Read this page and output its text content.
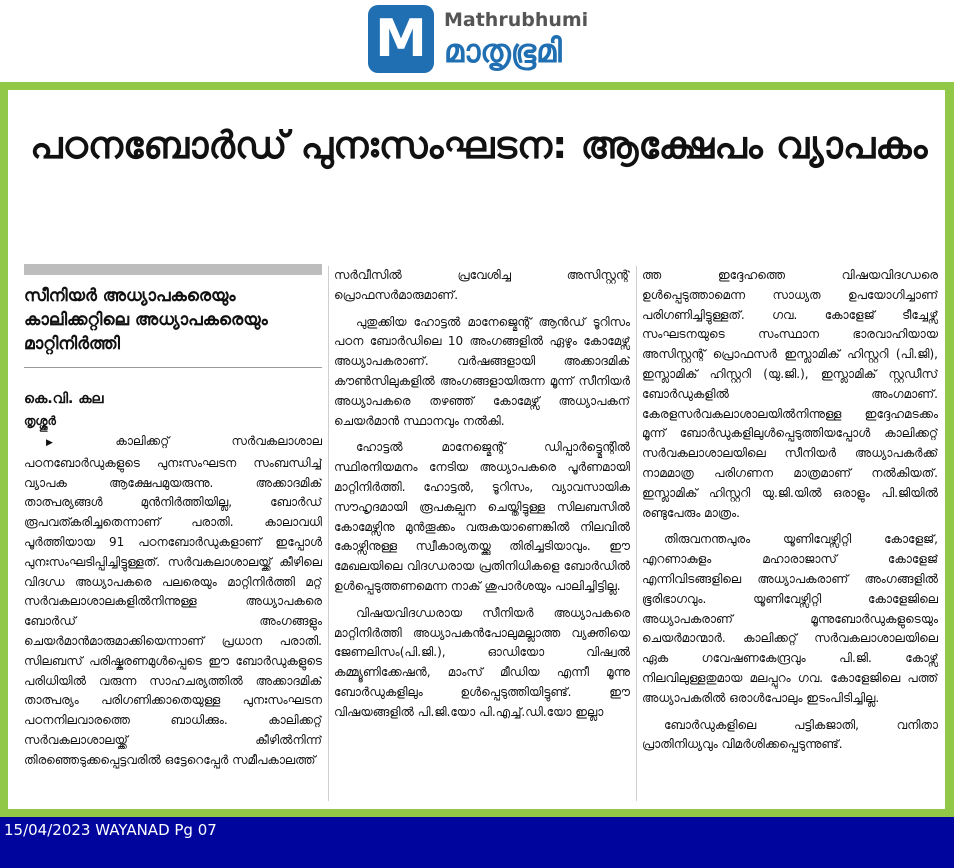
M Mathrubhumi
മാതൃഭൂമി
പഠനബോർഡ് പുനഃസംഘടന: ആക്ഷേപം വ്യാപകം
സീനിയർ അധ്യാപകരെയും കാലിക്കറ്റിലെ അധ്യാപകരെയും മാറ്റിനിർത്തി
കെ.വി. കല
തൃശ്ശൂർ

▶ കാലിക്കറ്റ് സർവകലാശാല പഠനബോർഡുകളുടെ പുനഃസംഘടന സംബന്ധിച്ച് വ്യാപക ആക്ഷേപമുയരുന്നു. അക്കാദമിക് താത്പര്യങ്ങൾ മുൻനിർത്തിയില്ല, ബോർഡ് രൂപവത്കരിച്ചതെന്നാണ് പരാതി. കാലാവധി പൂർത്തിയായ 91 പഠനബോർഡുകളാണ് ഇപ്പോൾ പുനഃസംഘടിപ്പിച്ചിട്ടുള്ളത്. സർവകലാശാലയ്ക്ക് കീഴിലെ വിദഗ്ധ അധ്യാപകരെ പലരെയും മാറ്റിനിർത്തി മറ്റ് സർവകലാശാലകളിൽനിന്നുള്ള അധ്യാപകരെ ബോർഡ് അംഗങ്ങളും ചെയർമാൻമാരുമാക്കിയെന്നാണ് പ്രധാന പരാതി. സിലബസ് പരിഷ്കരണമുൾപ്പെടെ ഈ ബോർഡുകളുടെ പരിധിയിൽ വരുന്ന സാഹചര്യത്തിൽ അക്കാദമിക് താത്പര്യം പരിഗണിക്കാതെയുള്ള പുനഃസംഘടന പഠനനിലവാരത്തെ ബാധിക്കും. കാലിക്കറ്റ് സർവകലാശാലയ്ക്ക് കീഴിൽനിന്ന് തിരഞ്ഞെടുക്കപ്പെട്ടവരിൽ ഒട്ടേറെപ്പേർ സമീപകാലത്ത്

സർവീസിൽ പ്രവേശിച്ച അസിസ്റ്റന്റ് പ്രൊഫസർമാരുമാണ്.

പുതുക്കിയ ഹോട്ടൽ മാനേജ്മെന്റ് ആൻഡ് ടൂറിസം പഠന ബോർഡിലെ 10 അംഗങ്ങളിൽ ഏഴും കോമേഴ്സ് അധ്യാപകരാണ്. വർഷങ്ങളായി അക്കാദമിക് കൗൺസിലുകളിൽ അംഗങ്ങളായിരുന്ന മൂന്ന് സീനിയർ അധ്യാപകരെ തഴഞ്ഞ് കോമേഴ്സ് അധ്യാപകന് ചെയർമാൻ സ്ഥാനവും നൽകി.

ഹോട്ടൽ മാനേജ്മെന്റ് ഡിപ്പാർട്ട്മെന്റിൽ സ്ഥിരനിയമനം നേടിയ അധ്യാപകരെ പൂർണമായി മാറ്റിനിർത്തി. ഹോട്ടൽ, ടൂറിസം, വ്യാവസായിക സൗഹൃദമായി രൂപകല്പന ചെയ്തിട്ടുള്ള സിലബസിൽ കോമേഴ്സിനു മുൻതൂക്കം വരുകയാണെങ്കിൽ നിലവിൽ കോഴ്സിനുള്ള സ്വീകാര്യതയ്ക്കു തിരിച്ചടിയാവും. ഈ മേഖലയിലെ വിദഗ്ധരായ പ്രതിനിധികളെ ബോർഡിൽ ഉൾപ്പെടുത്തണമെന്ന നാക് ശുപാർശയും പാലിച്ചിട്ടില്ല.

വിഷയവിദഗ്ധരായ സീനിയർ അധ്യാപകരെ മാറ്റിനിർത്തി അധ്യാപകൻപോലുമല്ലാത്ത വ്യക്തിയെ ജേണലിസം(പി.ജി.), ഓഡിയോ വിഷ്വൽ കമ്മ്യൂണിക്കേഷൻ, മാംസ് മീഡിയ എന്നീ മൂന്നു ബോർഡുകളിലും ഉൾപ്പെടുത്തിയിട്ടുണ്ട്. ഈ വിഷയങ്ങളിൽ പി.ജി.യോ പി.എച്ച്.ഡി.യോ ഇല്ലാ

ത്ത ഇദ്ദേഹത്തെ വിഷയവിദഗ്ധരെ ഉൾപ്പെടുത്താമെന്ന സാധ്യത ഉപയോഗിച്ചാണ് പരിഗണിച്ചിട്ടുള്ളത്. ഗവ. കോളേജ് ടീച്ചേഴ്സ് സംഘടനയുടെ സംസ്ഥാന ഭാരവാഹിയായ അസിസ്റ്റന്റ് പ്രൊഫസർ ഇസ്ലാമിക് ഹിസ്റ്ററി (പി.ജി), ഇസ്ലാമിക് ഹിസ്റ്ററി (യു.ജി.), ഇസ്ലാമിക് സ്റ്റഡീസ് ബോർഡുകളിൽ അംഗമാണ്. കേരളസർവകലാശാലയിൽനിന്നുള്ള ഇദ്ദേഹമടക്കം മൂന്ന് ബോർഡുകളിലുൾപ്പെടുത്തിയപ്പോൾ കാലിക്കറ്റ് സർവകലാശാലയിലെ സീനിയർ അധ്യാപകർക്ക് നാമമാത്ര പരിഗണന മാത്രമാണ് നൽകിയത്. ഇസ്ലാമിക് ഹിസ്റ്ററി യു.ജി.യിൽ ഒരാളും പി.ജിയിൽ രണ്ടുപേരും മാത്രം.

തിരുവനന്തപുരം യൂണിവേഴ്സിറ്റി കോളേജ്, എറണാകുളം മഹാരാജാസ് കോളേജ് എന്നിവിടങ്ങളിലെ അധ്യാപകരാണ് അംഗങ്ങളിൽ ഭൂരിഭാഗവും. യൂണിവേഴ്സിറ്റി കോളേജിലെ അധ്യാപകരാണ് മൂന്നുബോർഡുകളുടെയും ചെയർമാന്മാർ. കാലിക്കറ്റ് സർവകലാശാലയിലെ ഏക ഗവേഷണകേന്ദ്രവും പി.ജി. കോഴ്സ് നിലവിലുള്ളതുമായ മലപ്പുറം ഗവ. കോളേജിലെ പത്ത് അധ്യാപകരിൽ ഒരാൾപോലും ഇടംപിടിച്ചില്ല.

ബോർഡുകളിലെ പട്ടികജാതി, വനിതാ പ്രാതിനിധ്യവും വിമർശിക്കപ്പെടുന്നുണ്ട്.

15/04/2023 WAYANAD Pg 07
